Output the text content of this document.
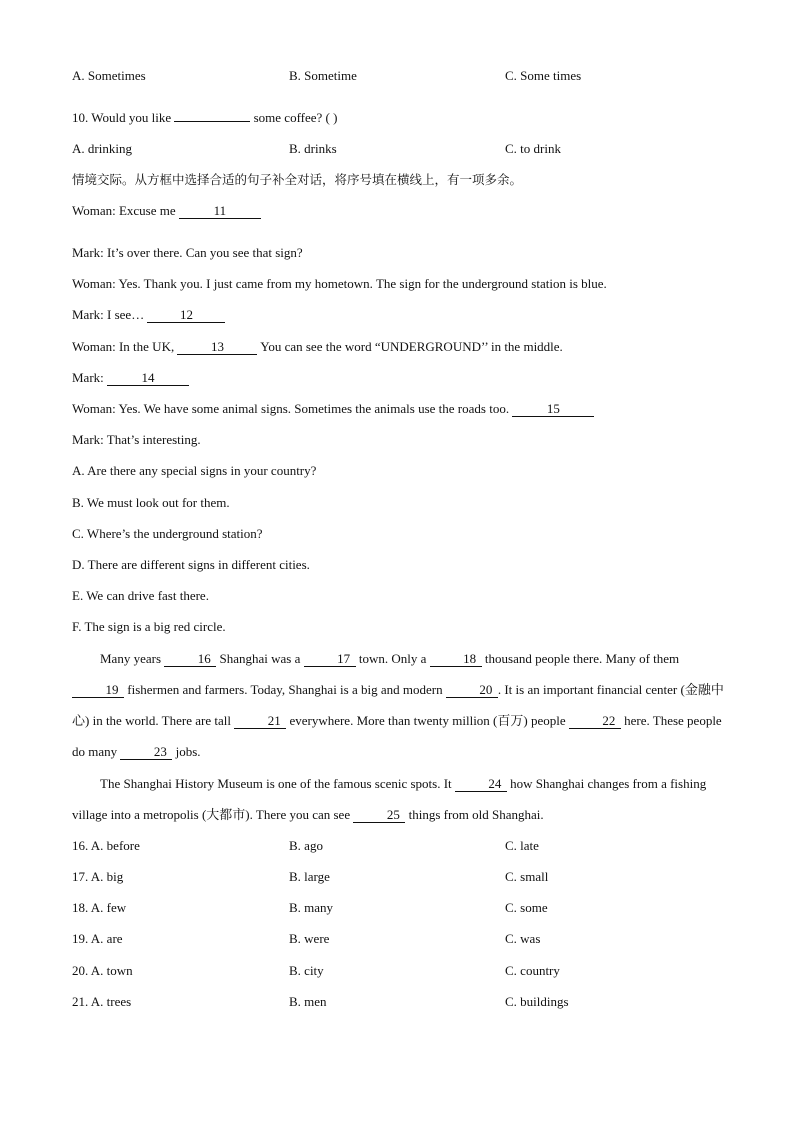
A. Sometimes	B. Sometime	C. Some times
10. Would you like	some coffee? ( )
A. drinking	B. drinks	C. to drink
情境交际。从方框中选择合适的句子补全对话，将序号填在横线上，有一项多余。
Woman: Excuse me	11
Mark: It’s over there. Can you see that sign?
Woman: Yes. Thank you. I just came from my hometown. The sign for the underground station is blue.
Mark: I see…	12
Woman: In the UK,	13	You can see the word “UNDERGROUND’’ in the middle.
Mark:	14
Woman: Yes. We have some animal signs. Sometimes the animals use the roads too.	15
Mark: That’s interesting.
A. Are there any special signs in your country?
B. We must look out for them.
C. Where’s the underground station?
D. There are different signs in different cities.
E. We can drive fast there.
F. The sign is a big red circle.
Many years	16 Shanghai was a	17 town. Only a	18 thousand people there. Many of them 19 fishermen and farmers. Today, Shanghai is a big and modern	20 . It is an important financial center (金融中心) in the world. There are tall	21 everywhere. More than twenty million (百万) people	22 here. These people do many	23 jobs.
The Shanghai History Museum is one of the famous scenic spots. It	24 how Shanghai changes from a fishing village into a metropolis (大都市). There you can see	25 things from old Shanghai.
16. A. before	B. ago	C. late
17. A. big	B. large	C. small
18. A. few	B. many	C. some
19. A. are	B. were	C. was
20. A. town	B. city	C. country
21. A. trees	B. men	C. buildings
